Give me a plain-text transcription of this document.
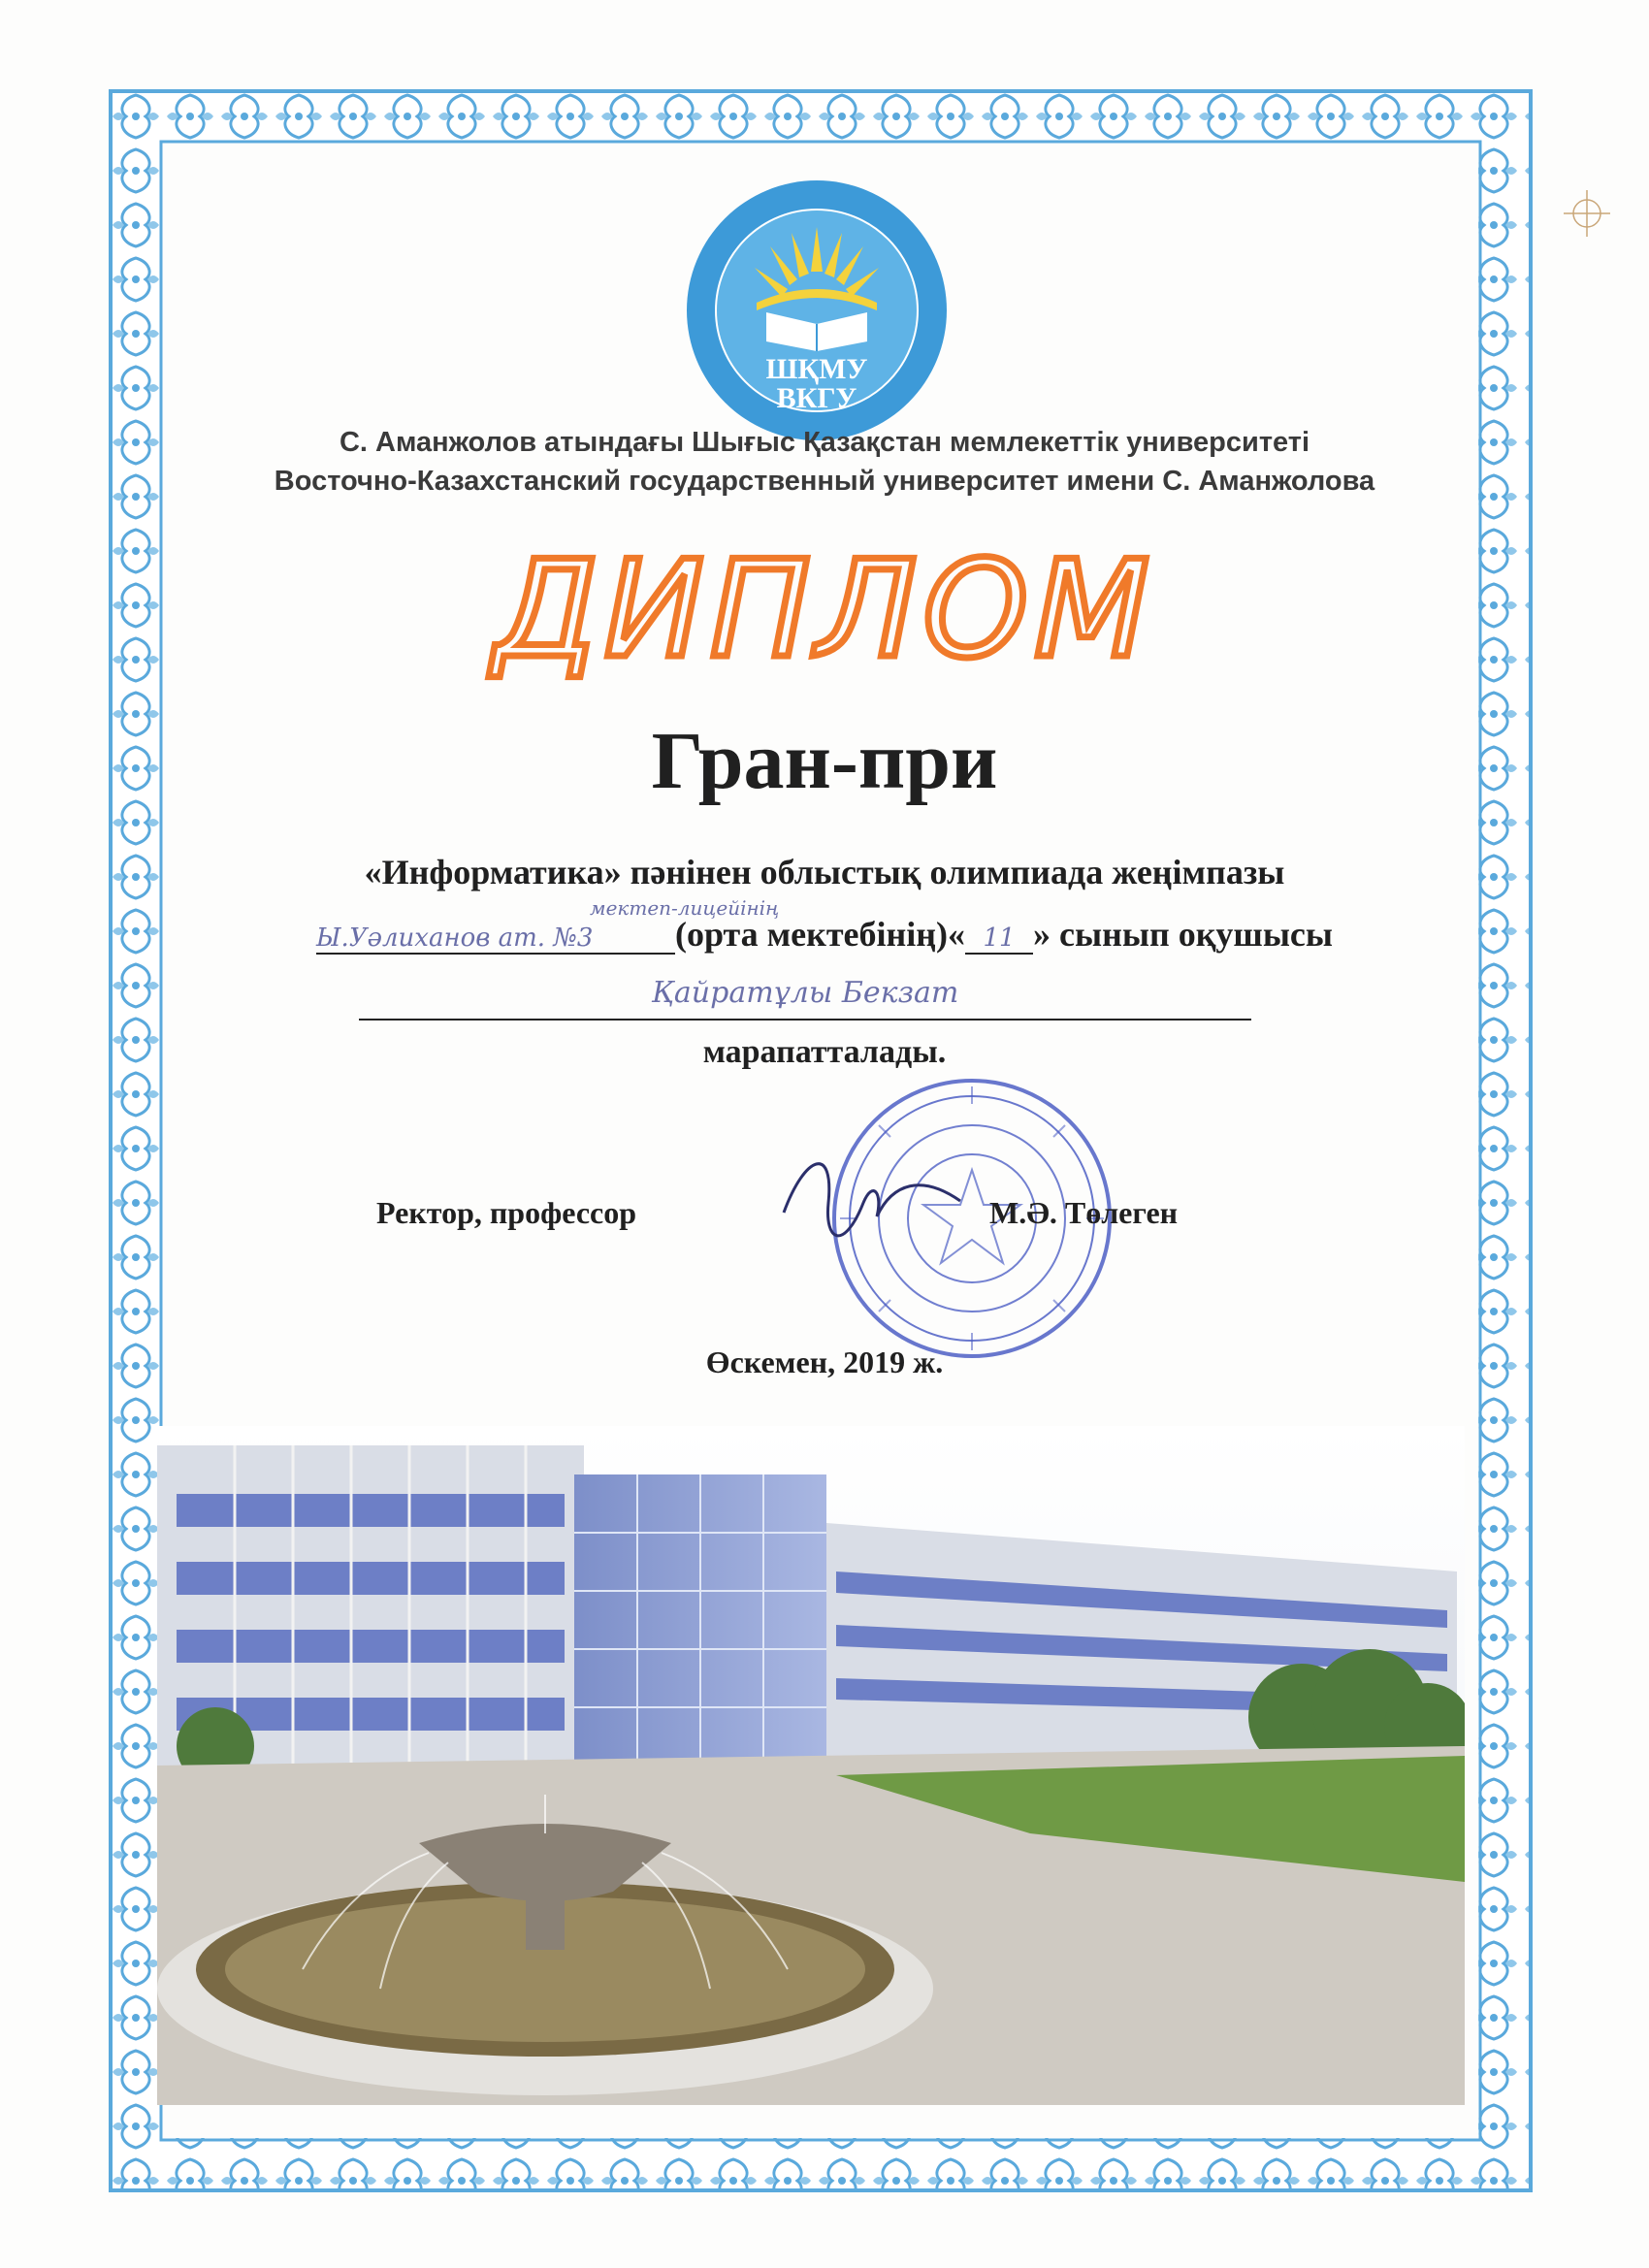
ШҚМУ
ВКГУ
С. Аманжолов атындағы Шығыс Қазақстан мемлекеттік университеті
Восточно-Казахстанский государственный университет имени С. Аманжолова
ДИПЛОМ
Гран-при
«Информатика» пәнінен облыстық олимпиада жеңімпазы
мектеп-лицейінің
Ы.Уәлиханов ат. №3 (орта мектебінің)« 11 » сынып оқушысы
Қайратұлы Бекзат
марапатталады.
Ректор, профессор	М.Ә. Төлеген
Өскемен, 2019 ж.
